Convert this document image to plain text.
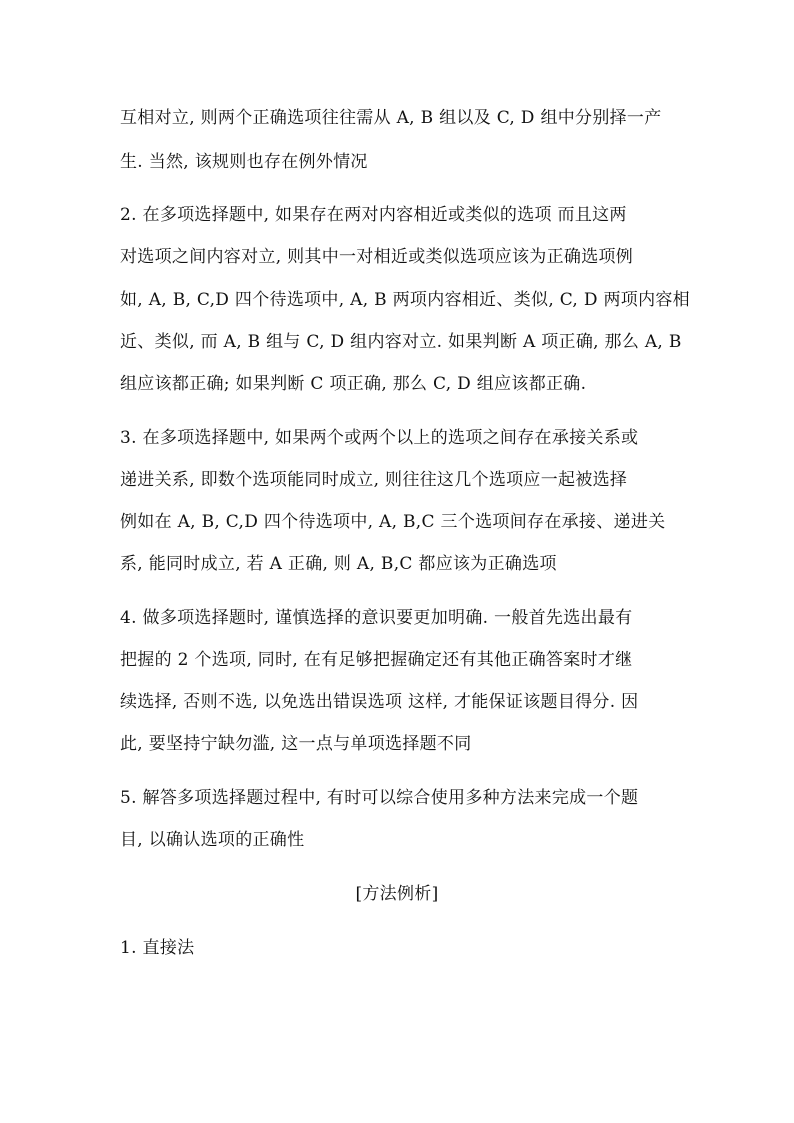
互相对立, 则两个正确选项往往需从 A, B 组以及 C, D 组中分别择一产
生. 当然, 该规则也存在例外情况
2. 在多项选择题中, 如果存在两对内容相近或类似的选项 而且这两
对选项之间内容对立, 则其中一对相近或类似选项应该为正确选项例
如, A, B, C,D 四个待选项中, A, B 两项内容相近、类似, C, D 两项内容相
近、类似, 而 A, B 组与 C, D 组内容对立. 如果判断 A 项正确, 那么 A, B
组应该都正确; 如果判断 C 项正确, 那么 C, D 组应该都正确.
3. 在多项选择题中, 如果两个或两个以上的选项之间存在承接关系或
递进关系, 即数个选项能同时成立, 则往往这几个选项应一起被选择
例如在 A, B, C,D 四个待选项中, A, B,C 三个选项间存在承接、递进关
系, 能同时成立, 若 A 正确, 则 A, B,C 都应该为正确选项
4. 做多项选择题时, 谨慎选择的意识要更加明确. 一般首先选出最有
把握的 2 个选项, 同时, 在有足够把握确定还有其他正确答案时才继
续选择, 否则不选, 以免选出错误选项 这样, 才能保证该题目得分. 因
此, 要坚持宁缺勿滥, 这一点与单项选择题不同
5. 解答多项选择题过程中, 有时可以综合使用多种方法来完成一个题
目, 以确认选项的正确性
[方法例析]
1. 直接法
